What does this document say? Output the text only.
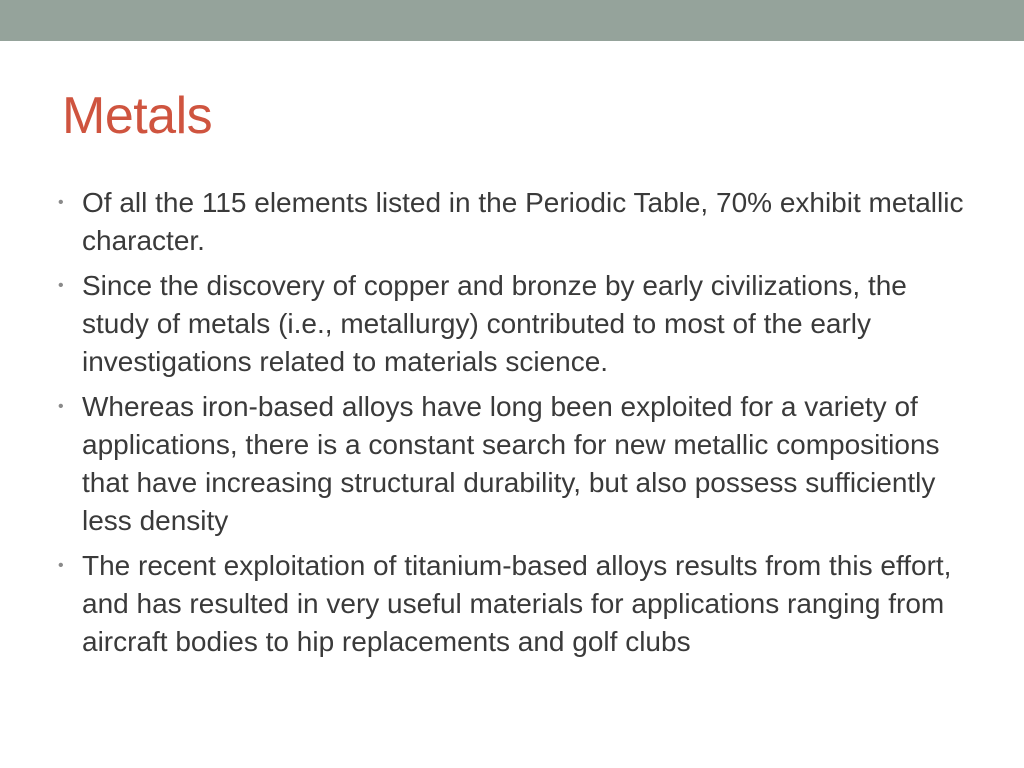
Metals
• Of all the 115 elements listed in the Periodic Table, 70% exhibit metallic character.
• Since the discovery of copper and bronze by early civilizations, the study of metals (i.e., metallurgy) contributed to most of the early investigations related to materials science.
• Whereas iron-based alloys have long been exploited for a variety of applications, there is a constant search for new metallic compositions that have increasing structural durability, but also possess sufficiently less density
• The recent exploitation of titanium-based alloys results from this effort, and has resulted in very useful materials for applications ranging from aircraft bodies to hip replacements and golf clubs
